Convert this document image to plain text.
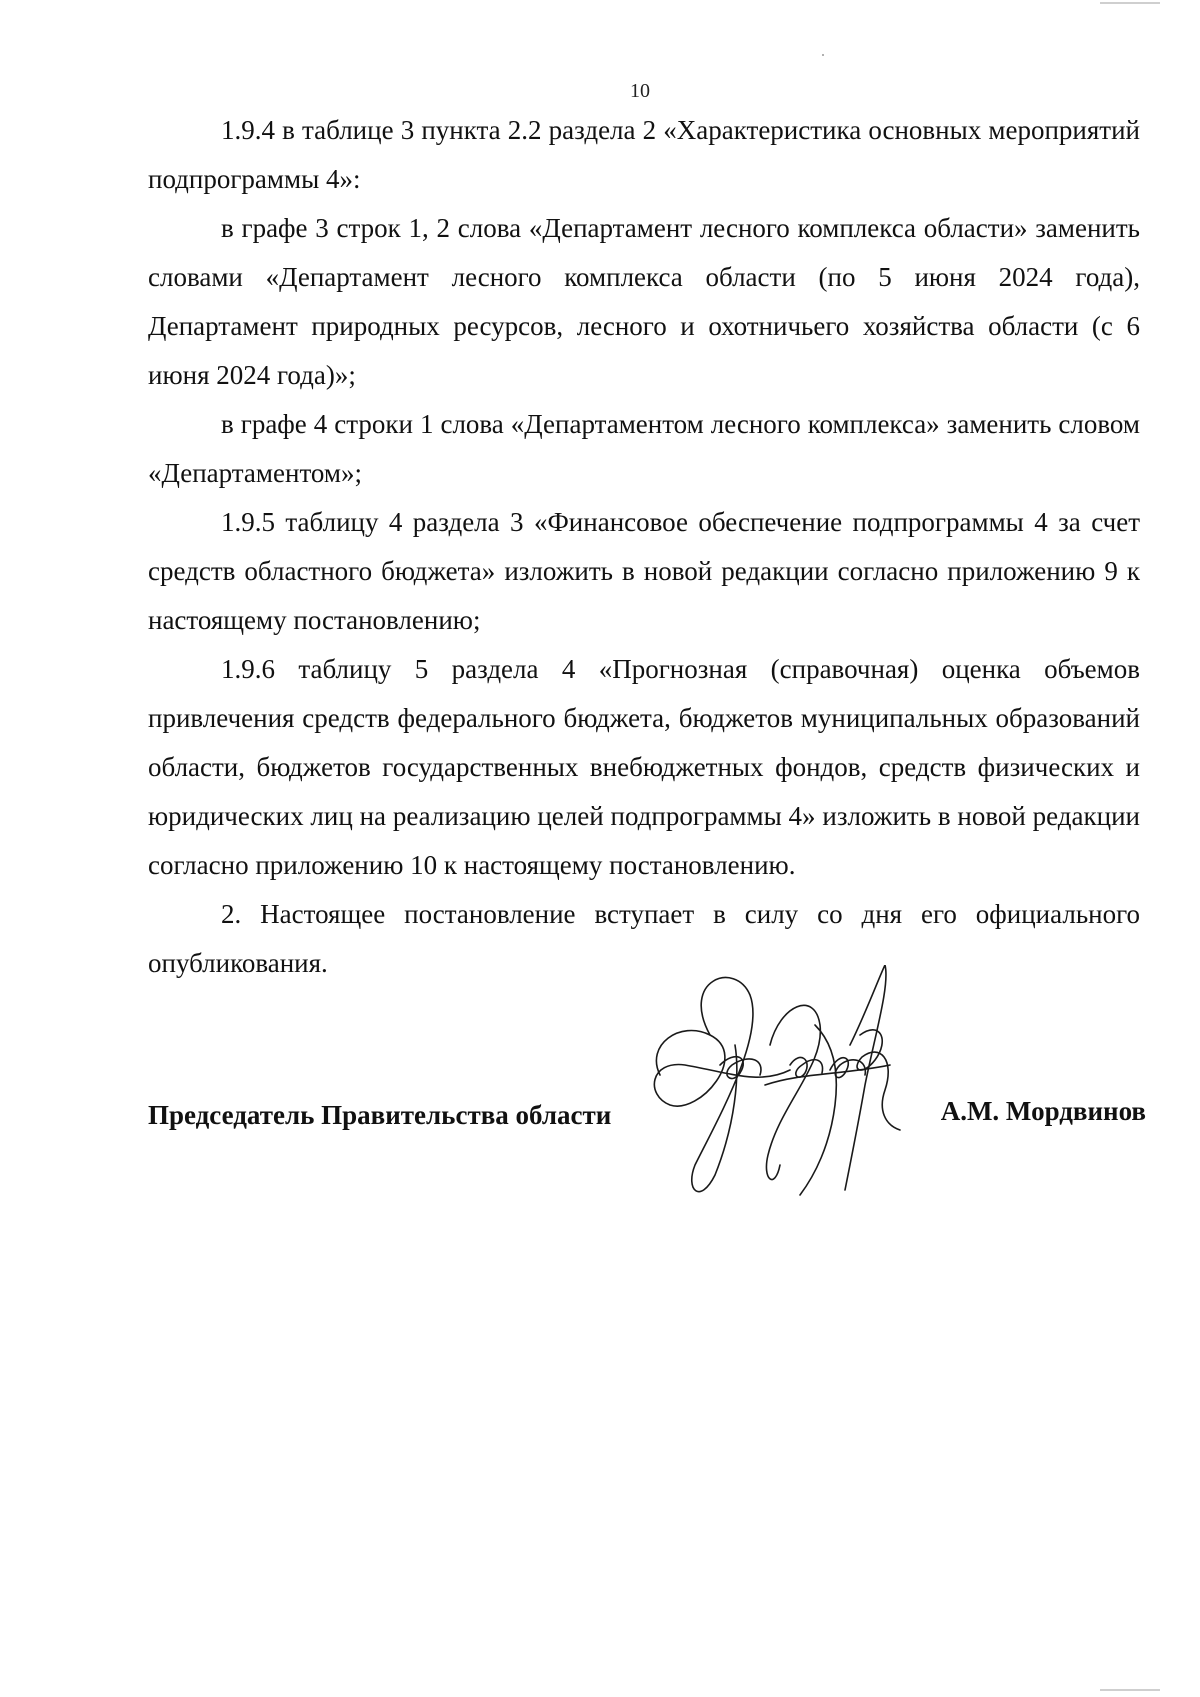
10

1.9.4 в таблице 3 пункта 2.2 раздела 2 «Характеристика основных мероприятий подпрограммы 4»:

в графе 3 строк 1, 2 слова «Департамент лесного комплекса области» заменить словами «Департамент лесного комплекса области (по 5 июня 2024 года), Департамент природных ресурсов, лесного и охотничьего хозяйства области (с 6 июня 2024 года)»;

в графе 4 строки 1 слова «Департаментом лесного комплекса» заменить словом «Департаментом»;

1.9.5 таблицу 4 раздела 3 «Финансовое обеспечение подпрограммы 4 за счет средств областного бюджета» изложить в новой редакции согласно приложению 9 к настоящему постановлению;

1.9.6 таблицу 5 раздела 4 «Прогнозная (справочная) оценка объемов привлечения средств федерального бюджета, бюджетов муниципальных образований области, бюджетов государственных внебюджетных фондов, средств физических и юридических лиц на реализацию целей подпрограммы 4» изложить в новой редакции согласно приложению 10 к настоящему постановлению.

2. Настоящее постановление вступает в силу со дня его официального опубликования.

Председатель Правительства области	А.М. Мордвинов
